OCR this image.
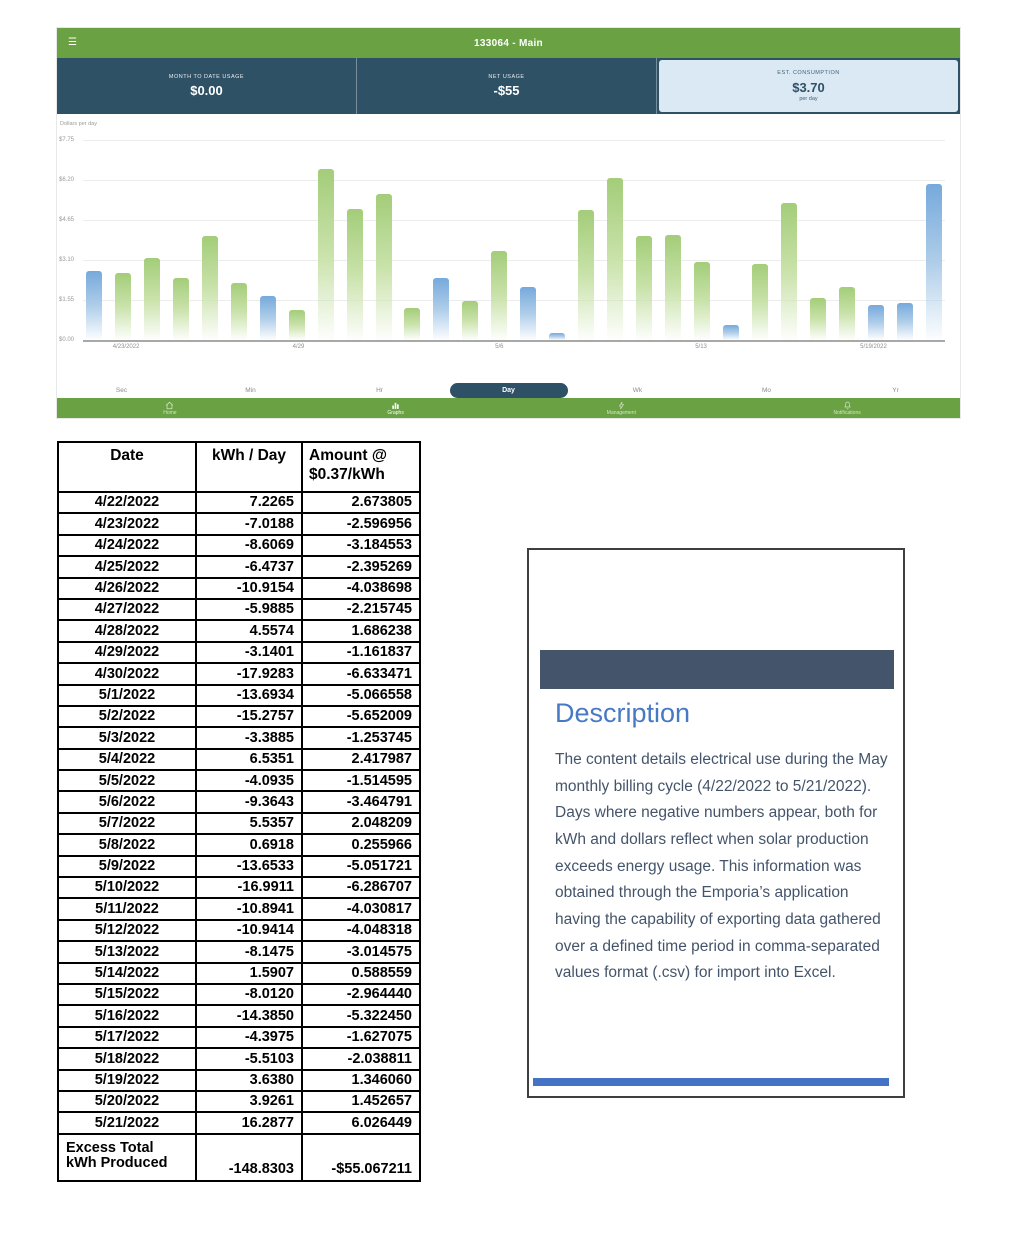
☰	133064 - Main
MONTH TO DATE USAGE
$0.00
NET USAGE
-$55
EST. CONSUMPTION
$3.70
per day
Dollars per day
$7.75
$6.20
$4.65
$3.10
$1.55
$0.00
4/23/2022	4/29	5/6	5/13	5/19/2022
Sec	Min	Hr	Day	Wk	Mo	Yr
Home	Graphs	Management	Notifications
Date	kWh / Day	Amount @ $0.37/kWh
4/22/2022	7.2265	2.673805
4/23/2022	-7.0188	-2.596956
4/24/2022	-8.6069	-3.184553
4/25/2022	-6.4737	-2.395269
4/26/2022	-10.9154	-4.038698
4/27/2022	-5.9885	-2.215745
4/28/2022	4.5574	1.686238
4/29/2022	-3.1401	-1.161837
4/30/2022	-17.9283	-6.633471
5/1/2022	-13.6934	-5.066558
5/2/2022	-15.2757	-5.652009
5/3/2022	-3.3885	-1.253745
5/4/2022	6.5351	2.417987
5/5/2022	-4.0935	-1.514595
5/6/2022	-9.3643	-3.464791
5/7/2022	5.5357	2.048209
5/8/2022	0.6918	0.255966
5/9/2022	-13.6533	-5.051721
5/10/2022	-16.9911	-6.286707
5/11/2022	-10.8941	-4.030817
5/12/2022	-10.9414	-4.048318
5/13/2022	-8.1475	-3.014575
5/14/2022	1.5907	0.588559
5/15/2022	-8.0120	-2.964440
5/16/2022	-14.3850	-5.322450
5/17/2022	-4.3975	-1.627075
5/18/2022	-5.5103	-2.038811
5/19/2022	3.6380	1.346060
5/20/2022	3.9261	1.452657
5/21/2022	16.2877	6.026449

Excess Total
kWh Produced	-148.8303	-$55.067211
Description
The content details electrical use during the May monthly billing cycle (4/22/2022 to 5/21/2022). Days where negative numbers appear, both for kWh and dollars reflect when solar production exceeds energy usage. This information was obtained through the Emporia’s application having the capability of exporting data gathered over a defined time period in comma-separated values format (.csv) for import into Excel.
